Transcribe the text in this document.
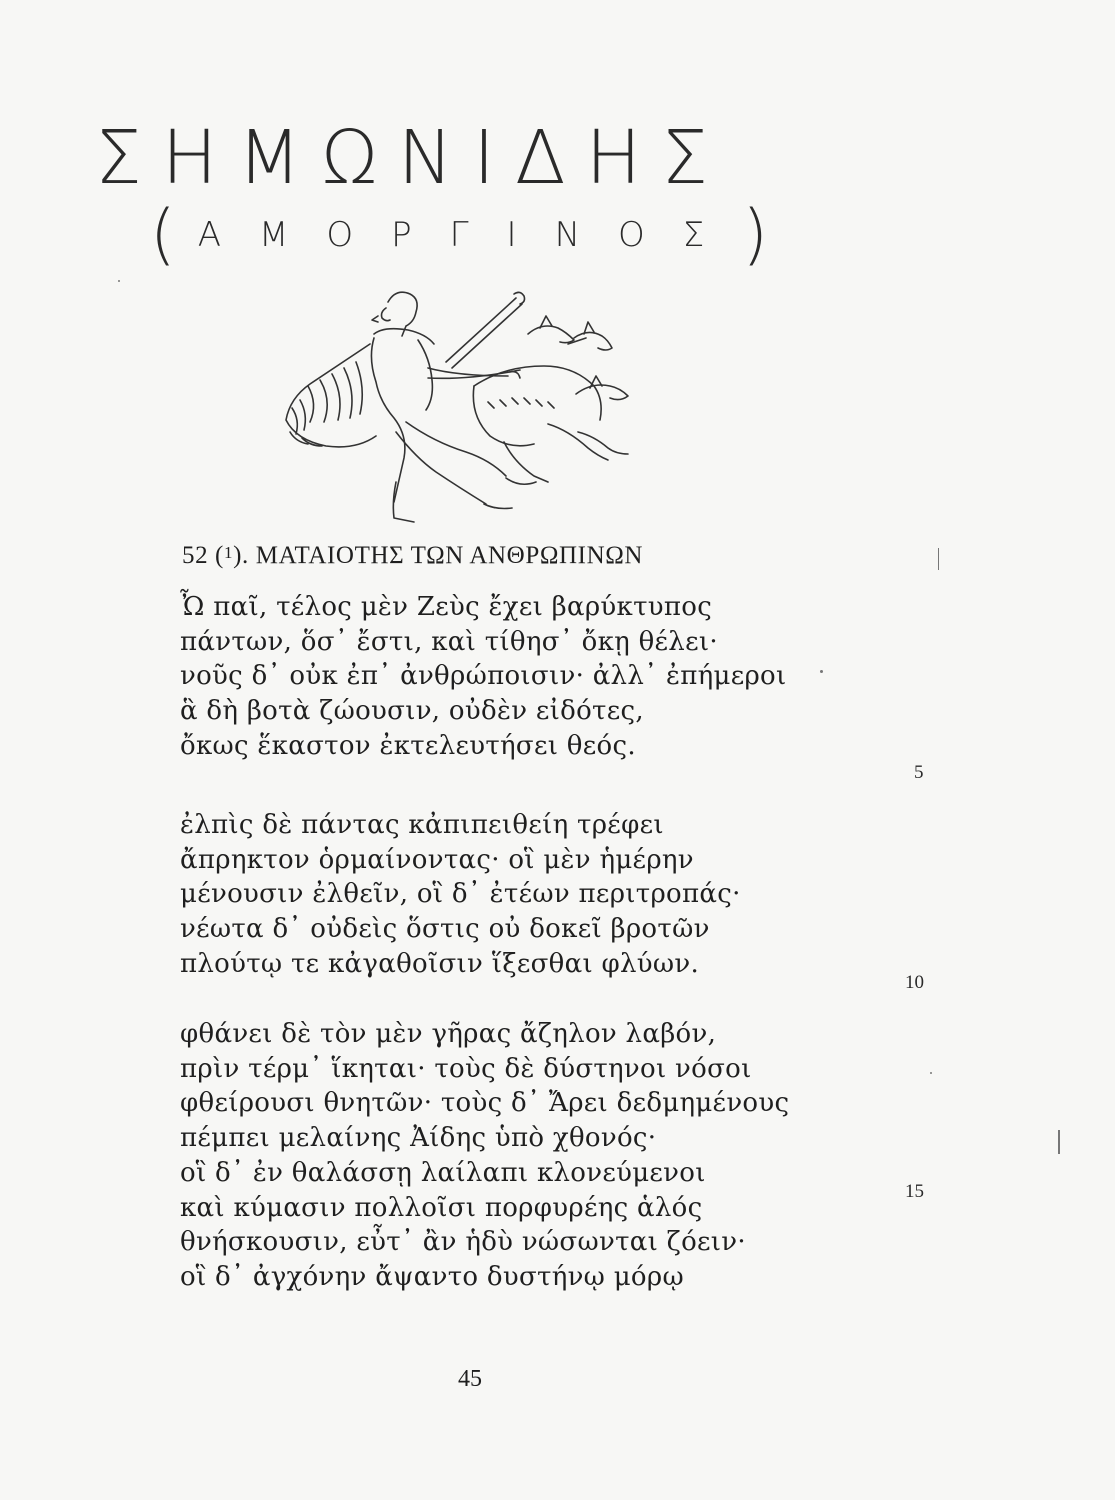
ΣΗΜΩΝΙΔΗΣ
( ΑΜΟΡΓΙΝΟΣ)
52 ($^1$). ΜΑΤΑΙΟΤΗΣ ΤΩΝ ΑΝΘΡΩΠΙΝΩΝ
Ὦ παῖ, τέλος μὲν Ζεὺς ἔχει βαρύκτυπος
πάντων, ὅσ᾽ ἔστι, καὶ τίθησ᾽ ὄκῃ θέλει·
νοῦς δ᾽ οὐκ ἐπ᾽ ἀνθρώποισιν· ἀλλ᾽ ἐπήμεροι
ἃ δὴ βοτὰ ζώουσιν, οὐδὲν εἰδότες,
ὄκως ἕκαστον ἐκτελευτήσει θεός.
ἐλπὶς δὲ πάντας κἀπιπειθείη τρέφει
ἄπρηκτον ὁρμαίνοντας· οἳ μὲν ἡμέρην
μένουσιν ἐλθεῖν, οἳ δ᾽ ἐτέων περιτροπάς·
νέωτα δ᾽ οὐδεὶς ὅστις οὐ δοκεῖ βροτῶν
πλούτῳ τε κἀγαθοῖσιν ἵξεσθαι φλύων.
φθάνει δὲ τὸν μὲν γῆρας ἄζηλον λαβόν,
πρὶν τέρμ᾽ ἵκηται· τοὺς δὲ δύστηνοι νόσοι
φθείρουσι θνητῶν· τοὺς δ᾽ Ἄρει δεδμημένους
πέμπει μελαίνης Ἀίδης ὑπὸ χθονός·
οἳ δ᾽ ἐν θαλάσσῃ λαίλαπι κλονεύμενοι
καὶ κύμασιν πολλοῖσι πορφυρέης ἁλός
θνήσκουσιν, εὖτ᾽ ἂν ἡδὺ νώσωνται ζόειν·
οἳ δ᾽ ἀγχόνην ἄψαντο δυστήνῳ μόρῳ
5
10
15
45
